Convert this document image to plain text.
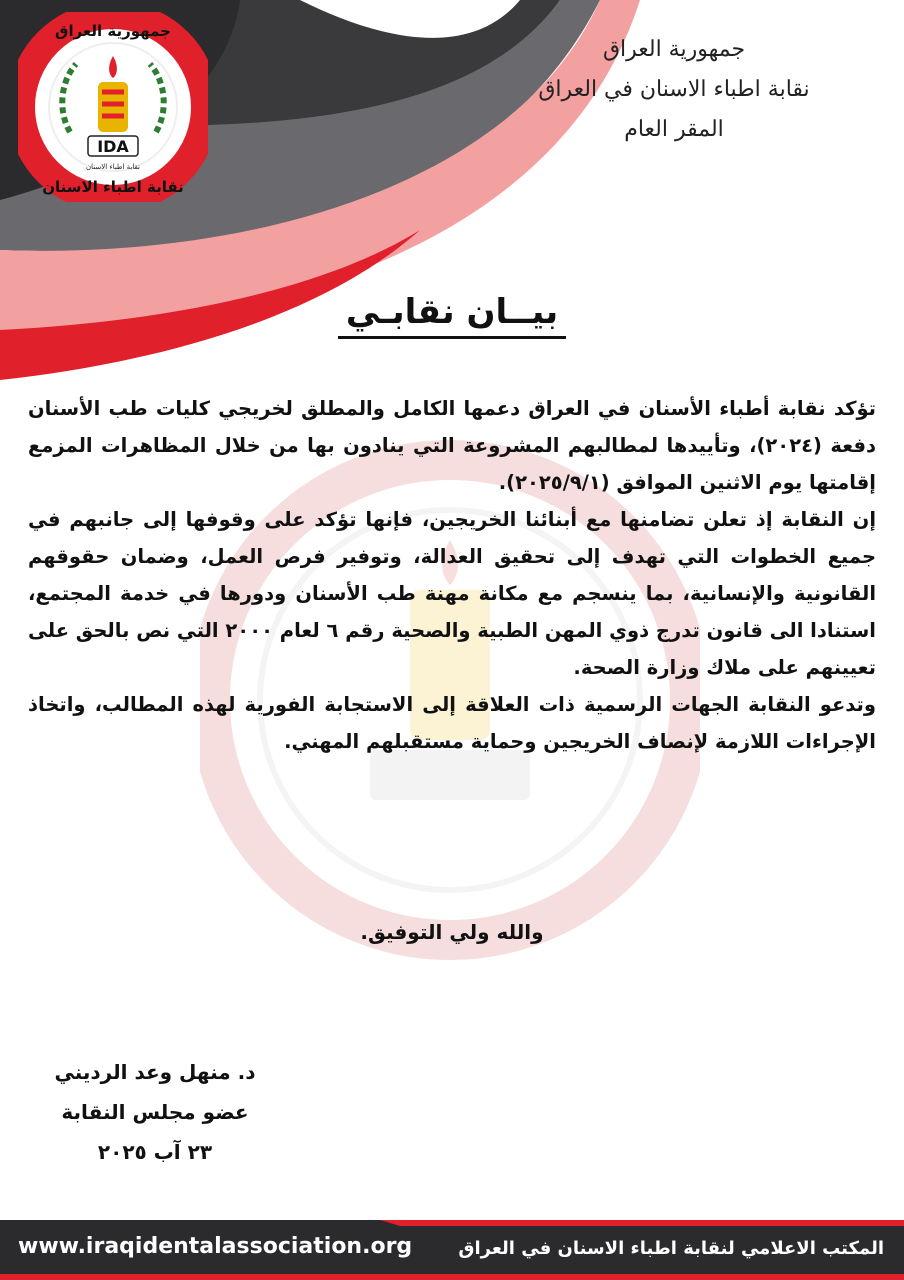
IDA
نقابة اطباء الاسنان
جمهورية العراق
نقابة اطباء الاسنان
جمهورية العراق
نقابة اطباء الاسنان في العراق
المقر العام
بيــان نقابـي

تؤكد نقابة أطباء الأسنان في العراق دعمها الكامل والمطلق لخريجي كليات طب الأسنان دفعة (٢٠٢٤)، وتأييدها لمطالبهم المشروعة التي ينادون بها من خلال المظاهرات المزمع إقامتها يوم الاثنين الموافق (٢٠٢٥/٩/١).

إن النقابة إذ تعلن تضامنها مع أبنائنا الخريجين، فإنها تؤكد على وقوفها إلى جانبهم في جميع الخطوات التي تهدف إلى تحقيق العدالة، وتوفير فرص العمل، وضمان حقوقهم القانونية والإنسانية، بما ينسجم مع مكانة مهنة طب الأسنان ودورها في خدمة المجتمع، استنادا الى قانون تدرج ذوي المهن الطبية والصحية رقم ٦ لعام ٢٠٠٠ التي نص بالحق على تعيينهم على ملاك وزارة الصحة.

وتدعو النقابة الجهات الرسمية ذات العلاقة إلى الاستجابة الفورية لهذه المطالب، واتخاذ الإجراءات اللازمة لإنصاف الخريجين وحماية مستقبلهم المهني.

والله ولي التوفيق.
د. منهل وعد الرديني
عضو مجلس النقابة
٢٣ آب ٢٠٢٥
www.iraqidentalassociation.org	المكتب الاعلامي لنقابة اطباء الاسنان في العراق
